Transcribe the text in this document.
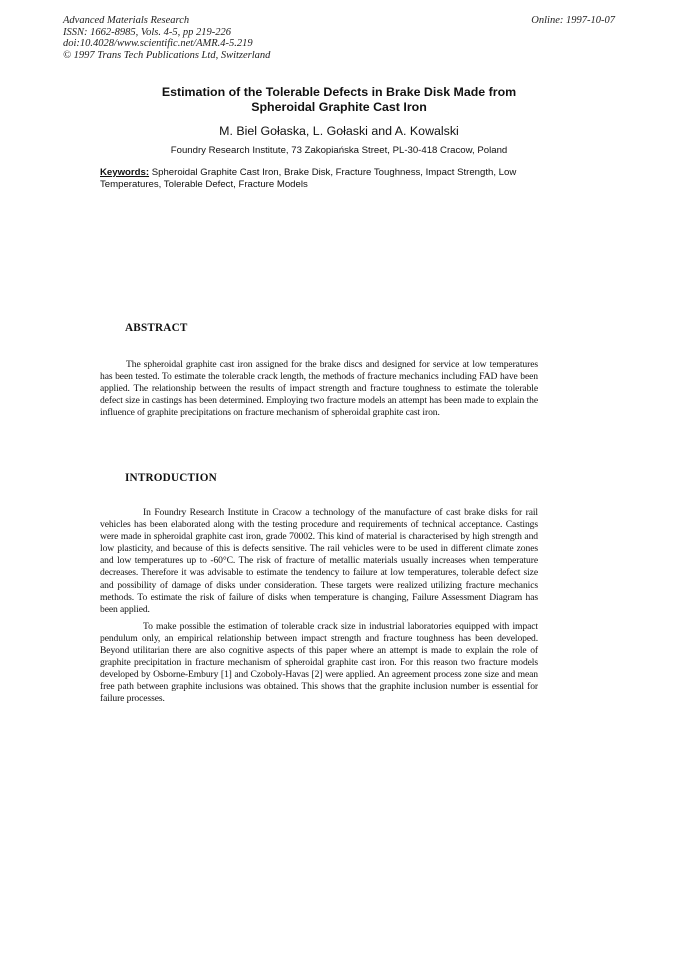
Advanced Materials Research
ISSN: 1662-8985, Vols. 4-5, pp 219-226
doi:10.4028/www.scientific.net/AMR.4-5.219
© 1997 Trans Tech Publications Ltd, Switzerland
Online: 1997-10-07
Estimation of the Tolerable Defects in Brake Disk Made from
Spheroidal Graphite Cast Iron
M. Biel Gołaska, L. Gołaski and A. Kowalski
Foundry Research Institute, 73 Zakopiańska Street, PL-30-418 Cracow, Poland
Keywords: Spheroidal Graphite Cast Iron, Brake Disk, Fracture Toughness, Impact Strength, Low Temperatures, Tolerable Defect, Fracture Models
ABSTRACT

The spheroidal graphite cast iron assigned for the brake discs and designed for service at low temperatures has been tested. To estimate the tolerable crack length, the methods of fracture mechanics including FAD have been applied. The relationship between the results of impact strength and fracture toughness to estimate the tolerable defect size in castings has been determined. Employing two fracture models an attempt has been made to explain the influence of graphite precipitations on fracture mechanism of spheroidal graphite cast iron.

INTRODUCTION

In Foundry Research Institute in Cracow a technology of the manufacture of cast brake disks for rail vehicles has been elaborated along with the testing procedure and requirements of technical acceptance. Castings were made in spheroidal graphite cast iron, grade 70002. This kind of material is characterised by high strength and low plasticity, and because of this is defects sensitive. The rail vehicles were to be used in different climate zones and low temperatures up to -60°C. The risk of fracture of metallic materials usually increases when temperature decreases. Therefore it was advisable to estimate the tendency to failure at low temperatures, tolerable defect size and possibility of damage of disks under consideration. These targets were realized utilizing fracture mechanics methods. To estimate the risk of failure of disks when temperature is changing, Failure Assessment Diagram has been applied.

To make possible the estimation of tolerable crack size in industrial laboratories equipped with impact pendulum only, an empirical relationship between impact strength and fracture toughness has been developed. Beyond utilitarian there are also cognitive aspects of this paper where an attempt is made to explain the role of graphite precipitation in fracture mechanism of spheroidal graphite cast iron. For this reason two fracture models developed by Osborne-Embury [1] and Czoboly-Havas [2] were applied. An agreement process zone size and mean free path between graphite inclusions was obtained. This shows that the graphite inclusion number is essential for failure processes.
